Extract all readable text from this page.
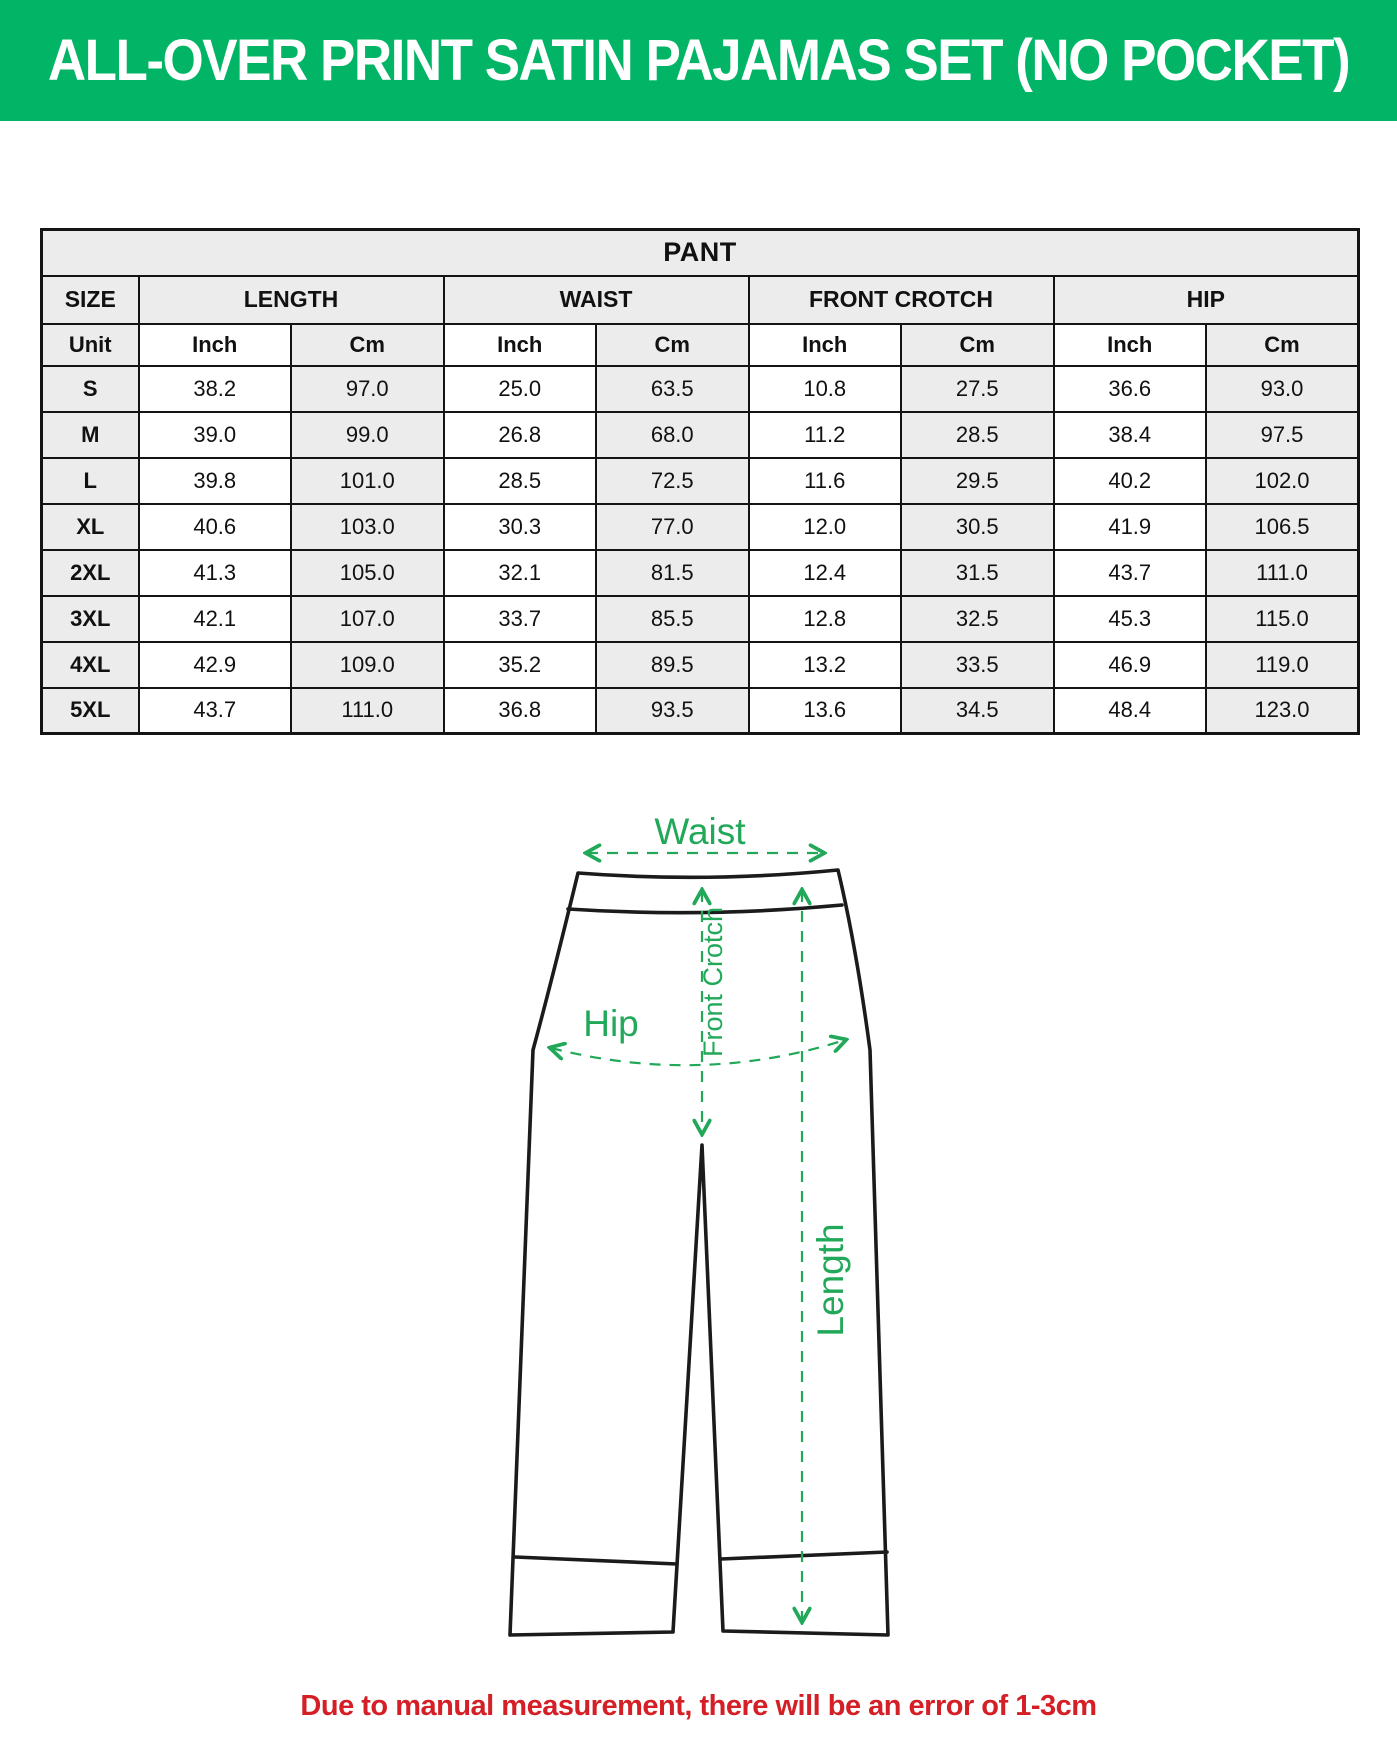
ALL-OVER PRINT SATIN PAJAMAS SET (NO POCKET)
PANT								
SIZE	LENGTH		WAIST		FRONT CROTCH		HIP	
Unit	Inch	Cm	Inch	Cm	Inch	Cm	Inch	Cm
S	38.2	97.0	25.0	63.5	10.8	27.5	36.6	93.0
M	39.0	99.0	26.8	68.0	11.2	28.5	38.4	97.5
L	39.8	101.0	28.5	72.5	11.6	29.5	40.2	102.0
XL	40.6	103.0	30.3	77.0	12.0	30.5	41.9	106.5
2XL	41.3	105.0	32.1	81.5	12.4	31.5	43.7	111.0
3XL	42.1	107.0	33.7	85.5	12.8	32.5	45.3	115.0
4XL	42.9	109.0	35.2	89.5	13.2	33.5	46.9	119.0
5XL	43.7	111.0	36.8	93.5	13.6	34.5	48.4	123.0
Waist
Front Crotch
Hip
Length
Due to manual measurement, there will be an error of 1-3cm
